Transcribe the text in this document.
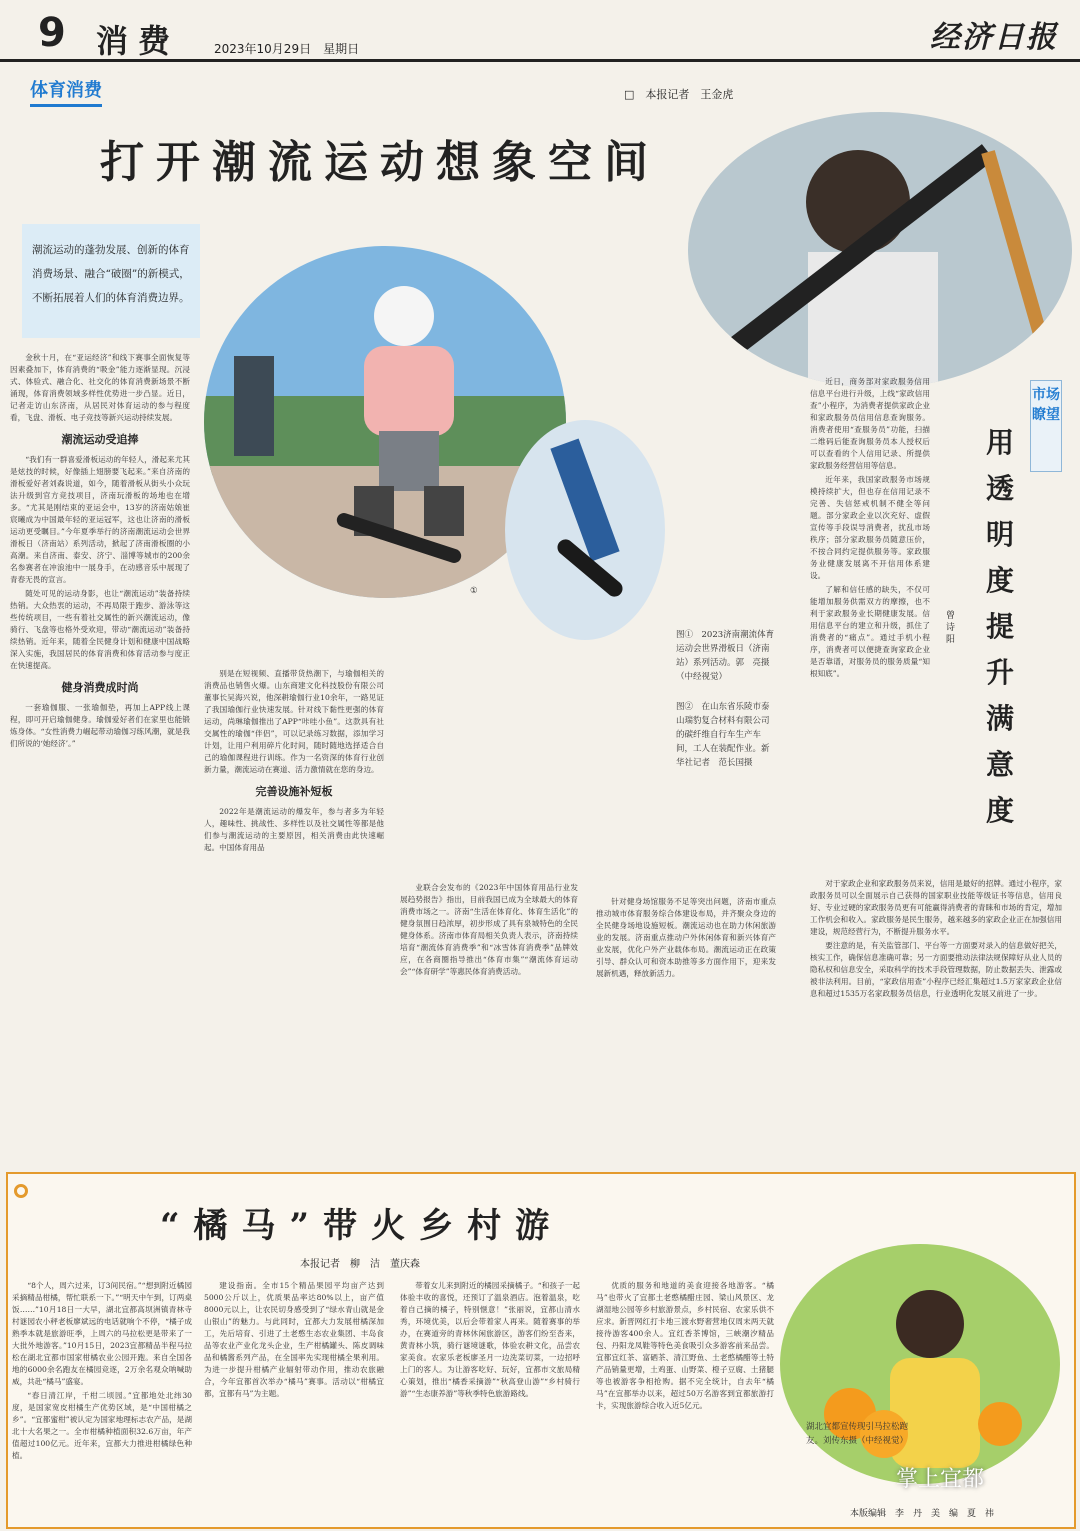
9 消费	2023年10月29日　星期日	经济日报
体育消费	□　本报记者　王金虎
打开潮流运动想象空间
潮流运动的蓬勃发展、创新的体育消费场景、融合“破圈”的新模式，不断拓展着人们的体育消费边界。
①
图①　2023济南潮流体育运动会世界滑板日（济南站）系列活动。郭　亮摄（中经视觉）
图②　在山东省乐陵市泰山瑞豹复合材料有限公司的碳纤维自行车生产车间，工人在装配作业。新华社记者　范长国摄

金秋十月，在“亚运经济”和线下赛事全面恢复等因素叠加下，体育消费的“吸金”能力逐渐显现。沉浸式、体验式、融合化、社交化的体育消费新场景不断涌现，体育消费领域多样性优势进一步凸显。近日，记者走访山东济南，从居民对体育运动的参与程度看，飞盘、滑板、电子竞技等新兴运动持续发展。

潮流运动受追捧

“我们有一群喜爱滑板运动的年轻人，滑起来尤其是炫技的时候，好像插上翅膀要飞起来。”来自济南的滑板爱好者刘森说道，如今，随着滑板从街头小众玩法升级到官方竞技项目，济南玩滑板的场地也在增多。“尤其是刚结束的亚运会中，13岁的济南姑娘崔宸曦成为中国最年轻的亚运冠军，这也让济南的滑板运动更受瞩目。”今年夏季举行的济南潮流运动会世界滑板日（济南站）系列活动，掀起了济南滑板圈的小高潮。来自济南、泰安、济宁、淄博等城市的200余名参赛者在冲浪池中一展身手，在动感音乐中展现了青春无畏的宣言。

随处可见的运动身影，也让“潮流运动”装备持续热销。大众热衷的运动，不再局限于跑步、游泳等这些传统项目，一些有着社交属性的新兴潮流运动，像骑行、飞盘等也格外受欢迎，带动“潮流运动”装备持续热销。近年来，随着全民健身计划和健康中国战略深入实施，我国居民的体育消费和体育活动参与度正在快速提高。

健身消费成时尚

一套瑜伽服、一张瑜伽垫，再加上APP线上课程，即可开启瑜伽健身。瑜伽爱好者们在家里也能锻炼身体。“女性消费力崛起带动瑜伽习练风潮，就是我们所说的‘她经济’。”

别是在短视频、直播带货热潮下，与瑜伽相关的消费品也销售火爆。山东商建文化科技股份有限公司董事长吴海兴说，他深耕瑜伽行业10余年，一路见证了我国瑜伽行业快速发展。针对线下黏性更强的体育运动，尚琳瑜伽推出了APP“咔哇小鱼”。这款具有社交属性的瑜伽“伴侣”，可以记录练习数据，添加学习计划，让用户利用碎片化时间，随时随地选择适合自己的瑜伽课程进行训练。作为一名资深的体育行业创新力量，潮流运动在赛道、活力激情就在您的身边。

完善设施补短板

2022年是潮流运动的爆发年，参与者多为年轻人，趣味性、挑战性、多样性以及社交属性等都是他们参与潮流运动的主要原因，相关消费由此快速崛起。中国体育用品

业联合会发布的《2023年中国体育用品行业发展趋势报告》指出，目前我国已成为全球最大的体育消费市场之一。济南“生活在体育化、体育生活化”的健身氛围日趋浓厚，初步形成了具有泉城特色的全民健身体系。济南市体育局相关负责人表示，济南持续培育“潮流体育消费季”和“冰雪体育消费季”品牌效应，在各商圈指导推出“体育市集”“潮流体育运动会”“体育研学”等惠民体育消费活动。

针对健身场馆服务不足等突出问题，济南市重点推动城市体育服务综合体建设布局，并齐聚众身边的全民健身场地设施短板。潮流运动也在助力休闲旅游业的发展。济南重点推动户外休闲体育和新兴体育产业发展，优化户外产业载体布局。潮流运动正在政策引导、群众认可和资本助推等多方面作用下，迎来发展新机遇，释放新活力。

市场瞭望
用透明度提升满意度
曾诗阳

近日，商务部对家政服务信用信息平台进行升级，上线“家政信用查”小程序，为消费者提供家政企业和家政服务员信用信息查询服务。消费者使用“查服务员”功能，扫描二维码后能查询服务员本人授权后可以查看的个人信用记录、所提供家政服务经营信用等信息。

近年来，我国家政服务市场规模持续扩大，但也存在信用记录不完善、失信惩戒机制不健全等问题。部分家政企业以次充好、虚假宣传等手段误导消费者，扰乱市场秩序；部分家政服务员随意压价，不按合同约定提供服务等。家政服务业健康发展离不开信用体系建设。

了解和信任感的缺失，不仅可能增加服务供需双方的摩擦，也不利于家政服务业长期健康发展。信用信息平台的建立和升级，抓住了消费者的“痛点”。通过手机小程序，消费者可以便捷查询家政企业是否靠谱，对服务员的服务质量“知根知底”。

对于家政企业和家政服务员来说，信用是最好的招牌。通过小程序，家政服务员可以全面展示自己获得的国家职业技能等级证书等信息，信用良好、专业过硬的家政服务员更有可能赢得消费者的青睐和市场的肯定，增加工作机会和收入。家政服务是民生服务，越来越多的家政企业正在加强信用建设，规范经营行为，不断提升服务水平。

要注意的是，有关监管部门、平台等一方面要对录入的信息做好把关，核实工作，确保信息准确可靠；另一方面要推动法律法规保障好从业人员的隐私权和信息安全，采取科学的技术手段管理数据，防止数据丢失、泄露或被非法利用。目前，“家政信用查”小程序已经汇集超过1.5万家家政企业信息和超过1535万名家政服务员信息，行业透明化发展又前进了一步。

“橘马”带火乡村游
本报记者　柳　洁　董庆森

“8个人，周六过来，订3间民宿。”“想到附近橘园采摘精品柑橘，帮忙联系一下。”“明天中午到，订两桌饭……”10月18日一大早，湖北宜都高坝洲镇青林寺村谜园农小秤老板廖斌远的电话就响个不停，“橘子成熟季本就是旅游旺季，上周六的马拉松更是带来了一大批外地游客。”10月15日，2023宜都精品半程马拉松在湖北宜都市国家柑橘农业公园开跑。来自全国各地的6000余名跑友在橘园竞逐，2万余名观众呐喊助威，共赴“橘马”盛宴。

“春日清江岸，千柑二顷园。”宜都地处北纬30度，是国家宽皮柑橘生产优势区域，是“中国柑橘之乡”。“宜都蜜柑”被认定为国家地理标志农产品，是湖北十大名果之一。全市柑橘种植面积32.6万亩，年产值超过100亿元。近年来，宜都大力推进柑橘绿色种植。

建设指南。全市15个精品果园平均亩产达到5000公斤以上，优质果品率达80%以上，亩产值8000元以上，让农民切身感受到了“绿水青山就是金山银山”的魅力。与此同时，宜都大力发展柑橘深加工，先后培育、引进了土老憨生态农业集团、丰岛食品等农业产业化龙头企业，生产柑橘罐头、陈皮调味品和橘酱系列产品，在全国率先实现柑橘全果利用。为进一步提升柑橘产业辐射带动作用，推动农旅融合，今年宜都首次举办“橘马”赛事。活动以“柑橘宜都，宜都有马”为主题。

带着女儿来到附近的橘园采摘橘子。“和孩子一起体验丰收的喜悦，还预订了温泉酒店。泡着温泉，吃着自己摘的橘子，特别惬意！”张丽说，宜都山清水秀，环境优美，以后会带着家人再来。随着赛事的举办，在赛道旁的青林休闲旅游区，游客们纷至沓来，黄青林小筑，骑行谜境谜歌，体验农耕文化，品尝农家美食。农家乐老板廖圣月一边洗菜切菜，一边招呼上门的客人。为让游客吃好、玩好，宜都市文旅局精心策划，推出“橘香采摘游”“秋高登山游”“乡村骑行游”“生态康养游”等秋季特色旅游路线。

优质的服务和地道的美食迎接各地游客。“橘马”也带火了宜都土老憨橘醋庄园、梁山风景区、龙湖湿地公园等乡村旅游景点，乡村民宿、农家乐供不应求。新晋网红打卡地三渡水野奢营地仅周末两天就接待游客400余人。宜红香茶博馆，三峡潮汐精品包、丹阳龙凤鞋等特色美食吸引众多游客前来品尝。宜都宜红茶、富硒茶、清江野鱼、土老憨橘醋等土特产品销量更增，土鸡蛋、山野菜、橙子豆腐、土猪腿等也被游客争相抢购。据不完全统计，自去年“橘马”在宜都举办以来，超过50万名游客到宜都旅游打卡，实现旅游综合收入近5亿元。

湖北宜都宣传现引马拉松跑友。刘传东摄（中经视觉）
掌上宜都
本版编辑　李　丹　美　编　夏　祎
